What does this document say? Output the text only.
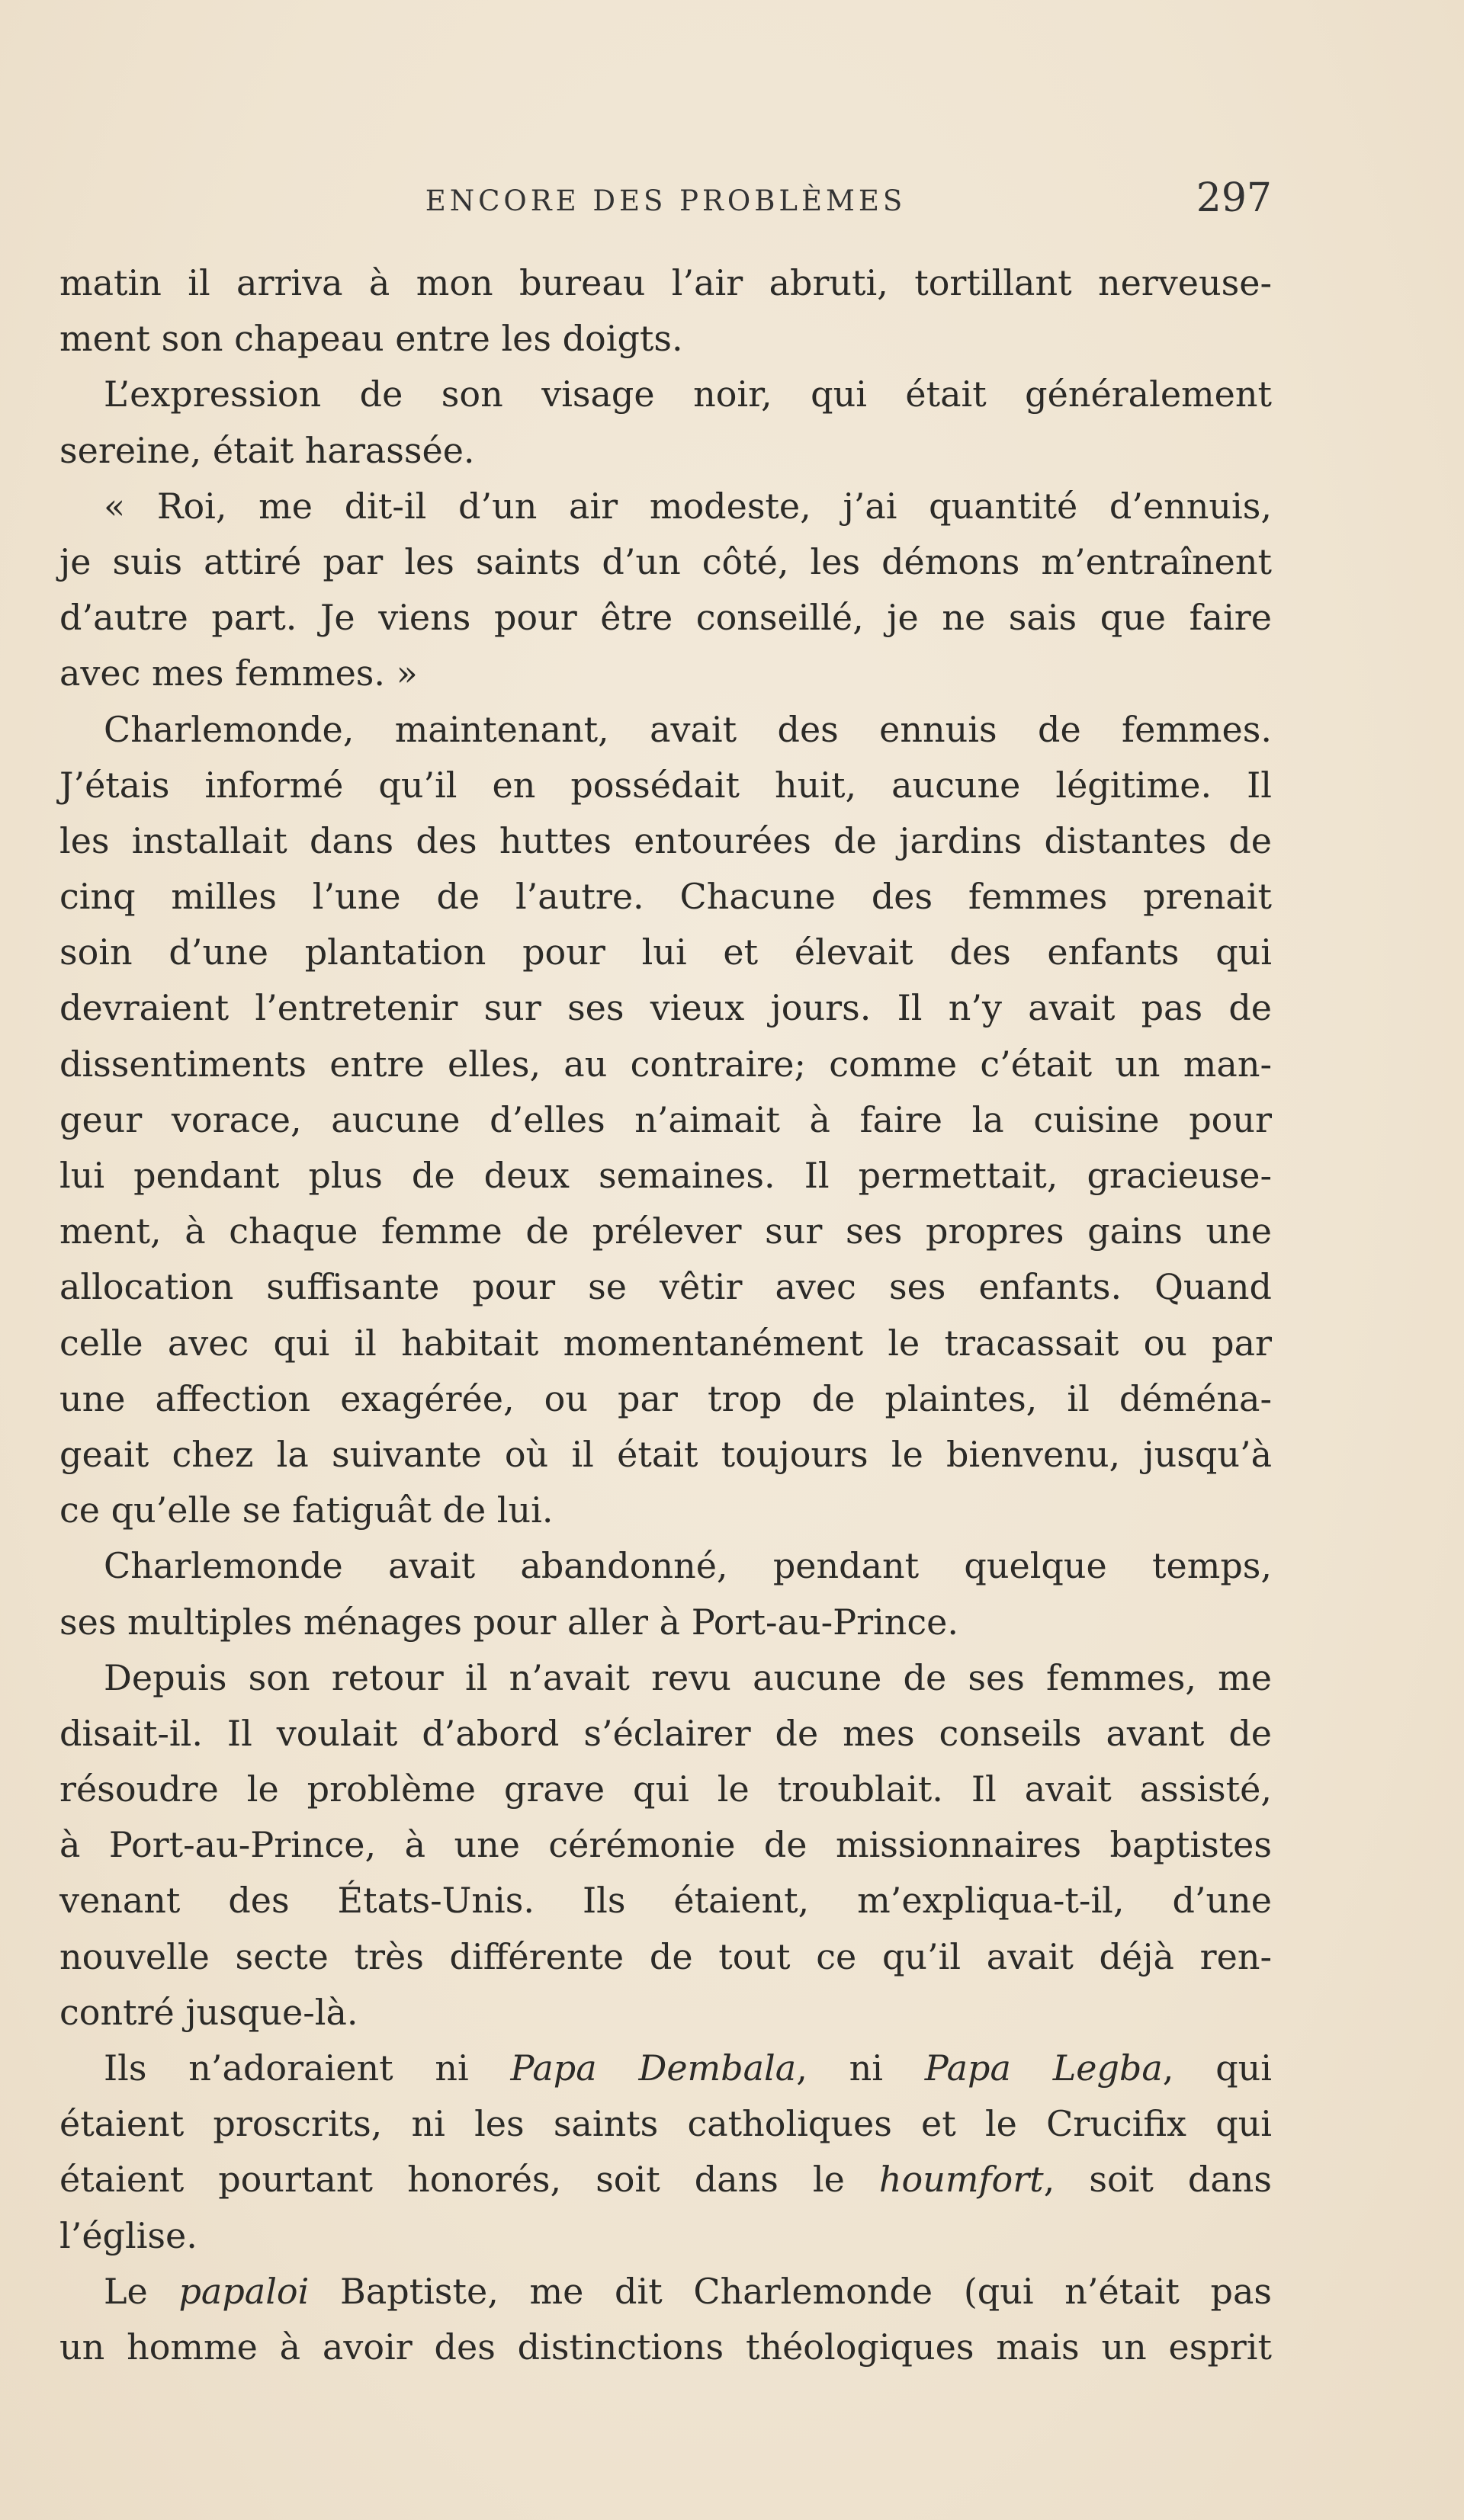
ENCORE DES PROBLÈMES	297
matin il arriva à mon bureau l’air abruti, tortillant nerveuse-
ment son chapeau entre les doigts.
L’expression de son visage noir, qui était généralement
sereine, était harassée.
« Roi, me dit-il d’un air modeste, j’ai quantité d’ennuis,
je suis attiré par les saints d’un côté, les démons m’entraînent
d’autre part. Je viens pour être conseillé, je ne sais que faire
avec mes femmes. »
Charlemonde, maintenant, avait des ennuis de femmes.
J’étais informé qu’il en possédait huit, aucune légitime. Il
les installait dans des huttes entourées de jardins distantes de
cinq milles l’une de l’autre. Chacune des femmes prenait
soin d’une plantation pour lui et élevait des enfants qui
devraient l’entretenir sur ses vieux jours. Il n’y avait pas de
dissentiments entre elles, au contraire; comme c’était un man-
geur vorace, aucune d’elles n’aimait à faire la cuisine pour
lui pendant plus de deux semaines. Il permettait, gracieuse-
ment, à chaque femme de prélever sur ses propres gains une
allocation suffisante pour se vêtir avec ses enfants. Quand
celle avec qui il habitait momentanément le tracassait ou par
une affection exagérée, ou par trop de plaintes, il déména-
geait chez la suivante où il était toujours le bienvenu, jusqu’à
ce qu’elle se fatiguât de lui.
Charlemonde avait abandonné, pendant quelque temps,
ses multiples ménages pour aller à Port-au-Prince.
Depuis son retour il n’avait revu aucune de ses femmes, me
disait-il. Il voulait d’abord s’éclairer de mes conseils avant de
résoudre le problème grave qui le troublait. Il avait assisté,
à Port-au-Prince, à une cérémonie de missionnaires baptistes
venant des États-Unis. Ils étaient, m’expliqua-t-il, d’une
nouvelle secte très différente de tout ce qu’il avait déjà ren-
contré jusque-là.
Ils n’adoraient ni Papa Dembala, ni Papa Legba, qui
étaient proscrits, ni les saints catholiques et le Crucifix qui
étaient pourtant honorés, soit dans le houmfort, soit dans
l’église.
Le papaloi Baptiste, me dit Charlemonde (qui n’était pas
un homme à avoir des distinctions théologiques mais un esprit
